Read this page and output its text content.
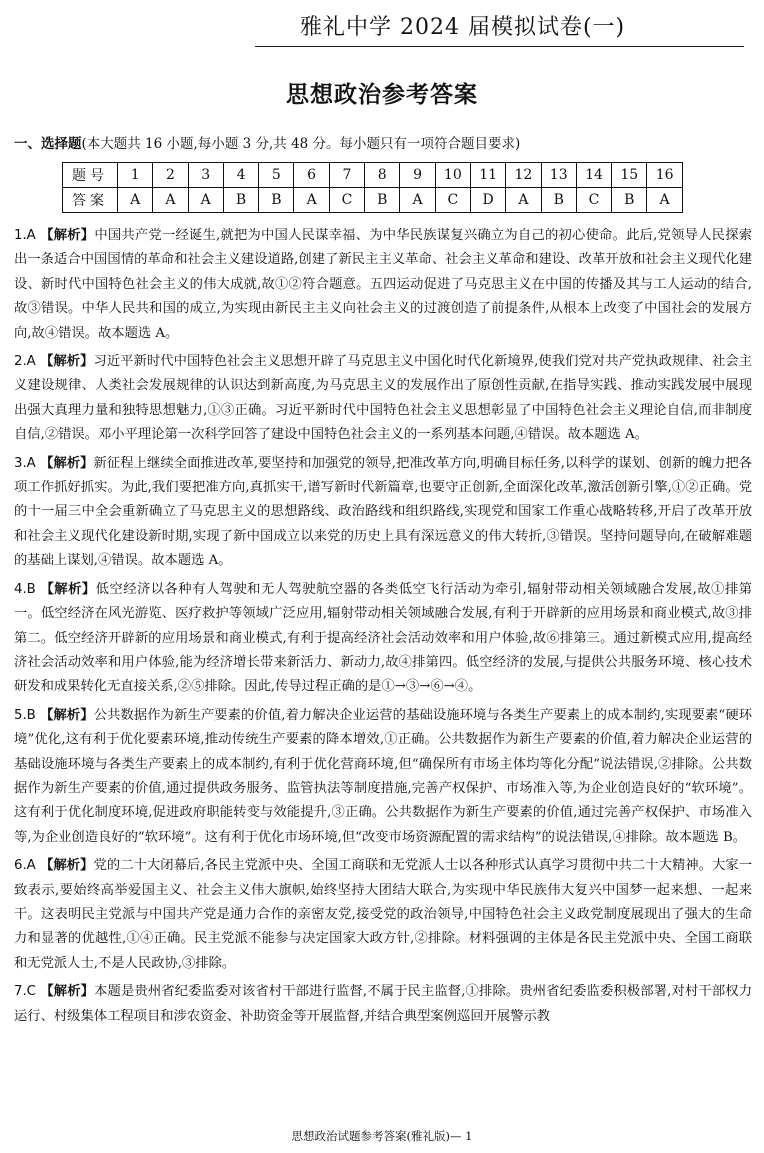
雅礼中学 2024 届模拟试卷(一)
思想政治参考答案
一、选择题(本大题共 16 小题,每小题 3 分,共 48 分。每小题只有一项符合题目要求)
题号	1	2	3	4	5	6	7	8	9	10	11	12	13	14	15	16
答案	A	A	A	B	B	A	C	B	A	C	D	A	B	C	B	A

1.A 【解析】中国共产党一经诞生,就把为中国人民谋幸福、为中华民族谋复兴确立为自己的初心使命。此后,党领导人民探索出一条适合中国国情的革命和社会主义建设道路,创建了新民主主义革命、社会主义革命和建设、改革开放和社会主义现代化建设、新时代中国特色社会主义的伟大成就,故①②符合题意。五四运动促进了马克思主义在中国的传播及其与工人运动的结合,故③错误。中华人民共和国的成立,为实现由新民主主义向社会主义的过渡创造了前提条件,从根本上改变了中国社会的发展方向,故④错误。故本题选 A。

2.A 【解析】习近平新时代中国特色社会主义思想开辟了马克思主义中国化时代化新境界,使我们党对共产党执政规律、社会主义建设规律、人类社会发展规律的认识达到新高度,为马克思主义的发展作出了原创性贡献,在指导实践、推动实践发展中展现出强大真理力量和独特思想魅力,①③正确。习近平新时代中国特色社会主义思想彰显了中国特色社会主义理论自信,而非制度自信,②错误。邓小平理论第一次科学回答了建设中国特色社会主义的一系列基本问题,④错误。故本题选 A。

3.A 【解析】新征程上继续全面推进改革,要坚持和加强党的领导,把准改革方向,明确目标任务,以科学的谋划、创新的魄力把各项工作抓好抓实。为此,我们要把准方向,真抓实干,谱写新时代新篇章,也要守正创新,全面深化改革,激活创新引擎,①②正确。党的十一届三中全会重新确立了马克思主义的思想路线、政治路线和组织路线,实现党和国家工作重心战略转移,开启了改革开放和社会主义现代化建设新时期,实现了新中国成立以来党的历史上具有深远意义的伟大转折,③错误。坚持问题导向,在破解难题的基础上谋划,④错误。故本题选 A。

4.B 【解析】低空经济以各种有人驾驶和无人驾驶航空器的各类低空飞行活动为牵引,辐射带动相关领域融合发展,故①排第一。低空经济在风光游览、医疗救护等领域广泛应用,辐射带动相关领域融合发展,有利于开辟新的应用场景和商业模式,故③排第二。低空经济开辟新的应用场景和商业模式,有利于提高经济社会活动效率和用户体验,故⑥排第三。通过新模式应用,提高经济社会活动效率和用户体验,能为经济增长带来新活力、新动力,故④排第四。低空经济的发展,与提供公共服务环境、核心技术研发和成果转化无直接关系,②⑤排除。因此,传导过程正确的是①→③→⑥→④。

5.B 【解析】公共数据作为新生产要素的价值,着力解决企业运营的基础设施环境与各类生产要素上的成本制约,实现要素“硬环境”优化,这有利于优化要素环境,推动传统生产要素的降本增效,①正确。公共数据作为新生产要素的价值,着力解决企业运营的基础设施环境与各类生产要素上的成本制约,有利于优化营商环境,但“确保所有市场主体均等化分配”说法错误,②排除。公共数据作为新生产要素的价值,通过提供政务服务、监管执法等制度措施,完善产权保护、市场准入等,为企业创造良好的“软环境”。这有利于优化制度环境,促进政府职能转变与效能提升,③正确。公共数据作为新生产要素的价值,通过完善产权保护、市场准入等,为企业创造良好的“软环境”。这有利于优化市场环境,但“改变市场资源配置的需求结构”的说法错误,④排除。故本题选 B。

6.A 【解析】党的二十大闭幕后,各民主党派中央、全国工商联和无党派人士以各种形式认真学习贯彻中共二十大精神。大家一致表示,要始终高举爱国主义、社会主义伟大旗帜,始终坚持大团结大联合,为实现中华民族伟大复兴中国梦一起来想、一起来干。这表明民主党派与中国共产党是通力合作的亲密友党,接受党的政治领导,中国特色社会主义政党制度展现出了强大的生命力和显著的优越性,①④正确。民主党派不能参与决定国家大政方针,②排除。材料强调的主体是各民主党派中央、全国工商联和无党派人士,不是人民政协,③排除。

7.C 【解析】本题是贵州省纪委监委对该省村干部进行监督,不属于民主监督,①排除。贵州省纪委监委积极部署,对村干部权力运行、村级集体工程项目和涉农资金、补助资金等开展监督,并结合典型案例巡回开展警示教

思想政治试题参考答案(雅礼版)— 1
